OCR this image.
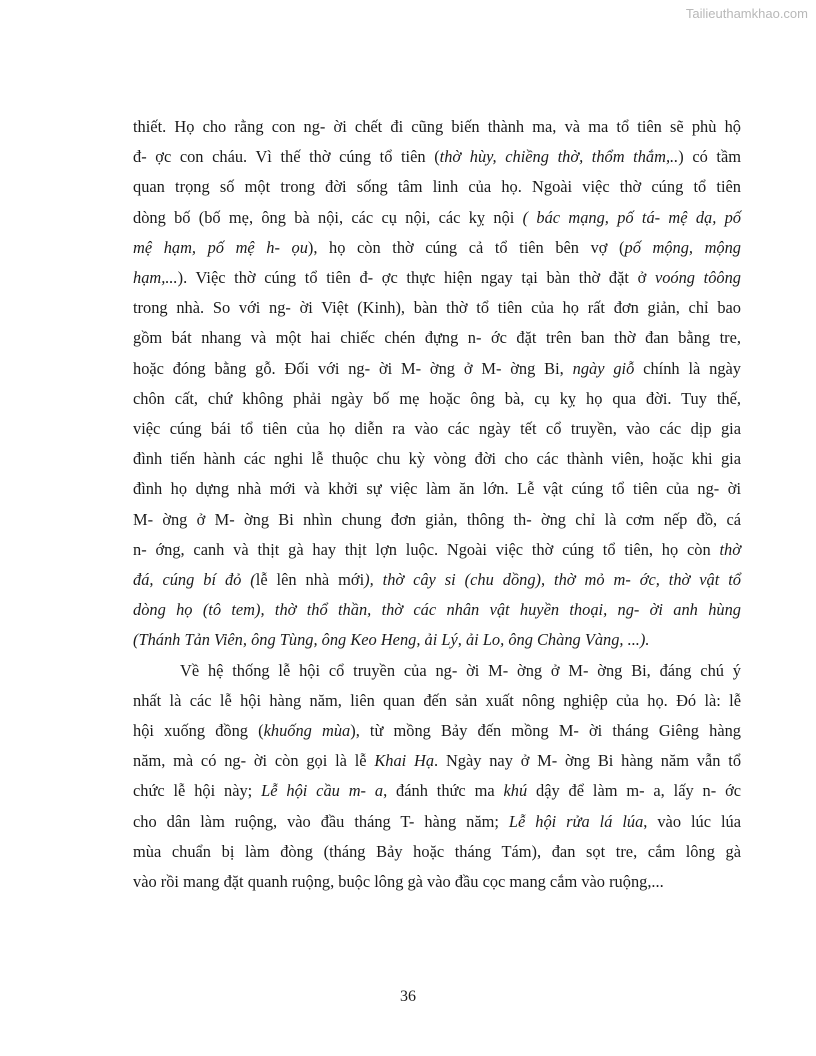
Tailieuthamkhao.com
thiết. Họ cho rằng con ng- ời chết đi cũng biến thành ma, và ma tổ tiên sẽ phù hộ
đ- ợc con cháu. Vì thế thờ cúng tổ tiên (thờ hùy, chiềng thờ, thổm thắm,..) có tầm
quan trọng số một trong đời sống tâm linh của họ. Ngoài việc thờ cúng tổ tiên
dòng bố (bố mẹ, ông bà nội, các cụ nội, các kỵ nội ( bác mạng, pố tá- mệ dạ, pố
mệ hạm, pố mệ h- ọu), họ còn thờ cúng cả tổ tiên bên vợ (pố mộng, mộng
hạm,...). Việc thờ cúng tổ tiên đ- ợc thực hiện ngay tại bàn thờ đặt ở voóng tôông
trong nhà. So với ng- ời Việt (Kinh), bàn thờ tổ tiên của họ rất đơn giản, chỉ bao
gồm bát nhang và một hai chiếc chén đựng n- ớc đặt trên ban thờ đan bằng tre,
hoặc đóng bằng gỗ. Đối với ng- ời M- ờng ở M- ờng Bi, ngày giỗ chính là ngày
chôn cất, chứ không phải ngày bố mẹ hoặc ông bà, cụ kỵ họ qua đời. Tuy thế,
việc cúng bái tổ tiên của họ diễn ra vào các ngày tết cổ truyền, vào các dịp gia
đình tiến hành các nghi lễ thuộc chu kỳ vòng đời cho các thành viên, hoặc khi gia
đình họ dựng nhà mới và khởi sự việc làm ăn lớn. Lễ vật cúng tổ tiên của ng- ời
M- ờng ở M- ờng Bi nhìn chung đơn giản, thông th- ờng chỉ là cơm nếp đồ, cá
n- ớng, canh và thịt gà hay thịt lợn luộc. Ngoài việc thờ cúng tổ tiên, họ còn thờ
đá, cúng bí đỏ (lễ lên nhà mới), thờ cây si (chu dồng), thờ mỏ m- ớc, thờ vật tổ
dòng họ (tô tem), thờ thổ thần, thờ các nhân vật huyền thoại, ng- ời anh hùng
(Thánh Tản Viên, ông Tùng, ông Keo Heng, ải Lý, ải Lo, ông Chàng Vàng, ...).
Về hệ thống lễ hội cổ truyền của ng- ời M- ờng ở M- ờng Bi, đáng chú ý
nhất là các lễ hội hàng năm, liên quan đến sản xuất nông nghiệp của họ. Đó là: lễ
hội xuống đồng (khuống mùa), từ mồng Bảy đến mồng M- ời tháng Giêng hàng
năm, mà có ng- ời còn gọi là lễ Khai Hạ. Ngày nay ở M- ờng Bi hàng năm vẫn tổ
chức lễ hội này; Lễ hội cầu m- a, đánh thức ma khú dậy để làm m- a, lấy n- ớc
cho dân làm ruộng, vào đầu tháng T- hàng năm; Lễ hội rửa lá lúa, vào lúc lúa
mùa chuẩn bị làm đòng (tháng Bảy hoặc tháng Tám), đan sọt tre, cắm lông gà
vào rồi mang đặt quanh ruộng, buộc lông gà vào đầu cọc mang cắm vào ruộng,...
36
